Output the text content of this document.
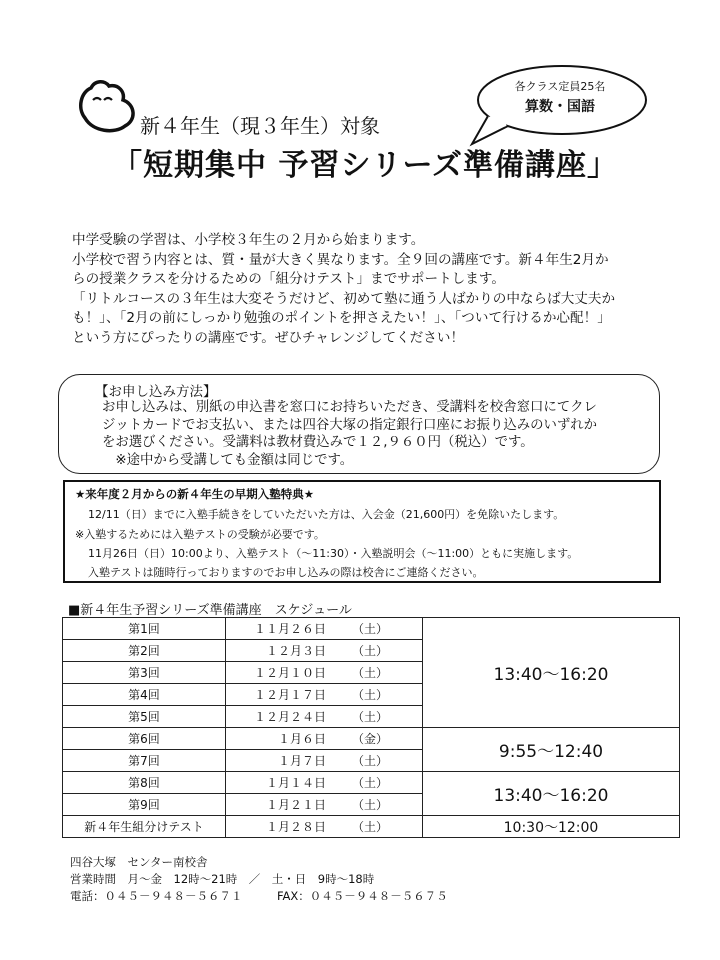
各クラス定員25名
算数・国語
新４年生（現３年生）対象
「短期集中 予習シリーズ準備講座」
中学受験の学習は、小学校３年生の２月から始まります。
小学校で習う内容とは、質・量が大きく異なります。全９回の講座です。新４年生2月か
らの授業クラスを分けるための「組分けテスト」までサポートします。
「リトルコースの３年生は大変そうだけど、初めて塾に通う人ばかりの中ならば大丈夫か
も！」、「2月の前にしっかり勉強のポイントを押さえたい！」、「ついて行けるか心配！」
という方にぴったりの講座です。ぜひチャレンジしてください！
【お申し込み方法】
お申し込みは、別紙の申込書を窓口にお持ちいただき、受講料を校舎窓口にてクレ
ジットカードでお支払い、または四谷大塚の指定銀行口座にお振り込みのいずれか
をお選びください。受講料は教材費込みで１２,９６０円（税込）です。
　※途中から受講しても金額は同じです。
★来年度２月からの新４年生の早期入塾特典★
12/11（日）までに入塾手続きをしていただいた方は、入会金（21,600円）を免除いたします。
※入塾するためには入塾テストの受験が必要です。
11月26日（日）10:00より、入塾テスト（～11:30）・入塾説明会（～11:00）ともに実施します。
入塾テストは随時行っておりますのでお申し込みの際は校舎にご連絡ください。
■新４年生予習シリーズ準備講座　スケジュール
第1回	１１月２６日	（土）	13:40～16:20
第2回	１２月３日	（土）	
第3回	１２月１０日	（土）	
第4回	１２月１７日	（土）	
第5回	１２月２４日	（土）	
第6回	１月６日	（金）	9:55～12:40
第7回	１月７日	（土）	
第8回	１月１４日	（土）	13:40～16:20
第9回	１月２１日	（土）	
新４年生組分けテスト	１月２８日	（土）	10:30～12:00
四谷大塚　センター南校舎
営業時間　月～金　12時～21時　／　土・日　9時～18時
電話：０４５－９４８－５６７１　　　FAX：０４５－９４８－５６７５
